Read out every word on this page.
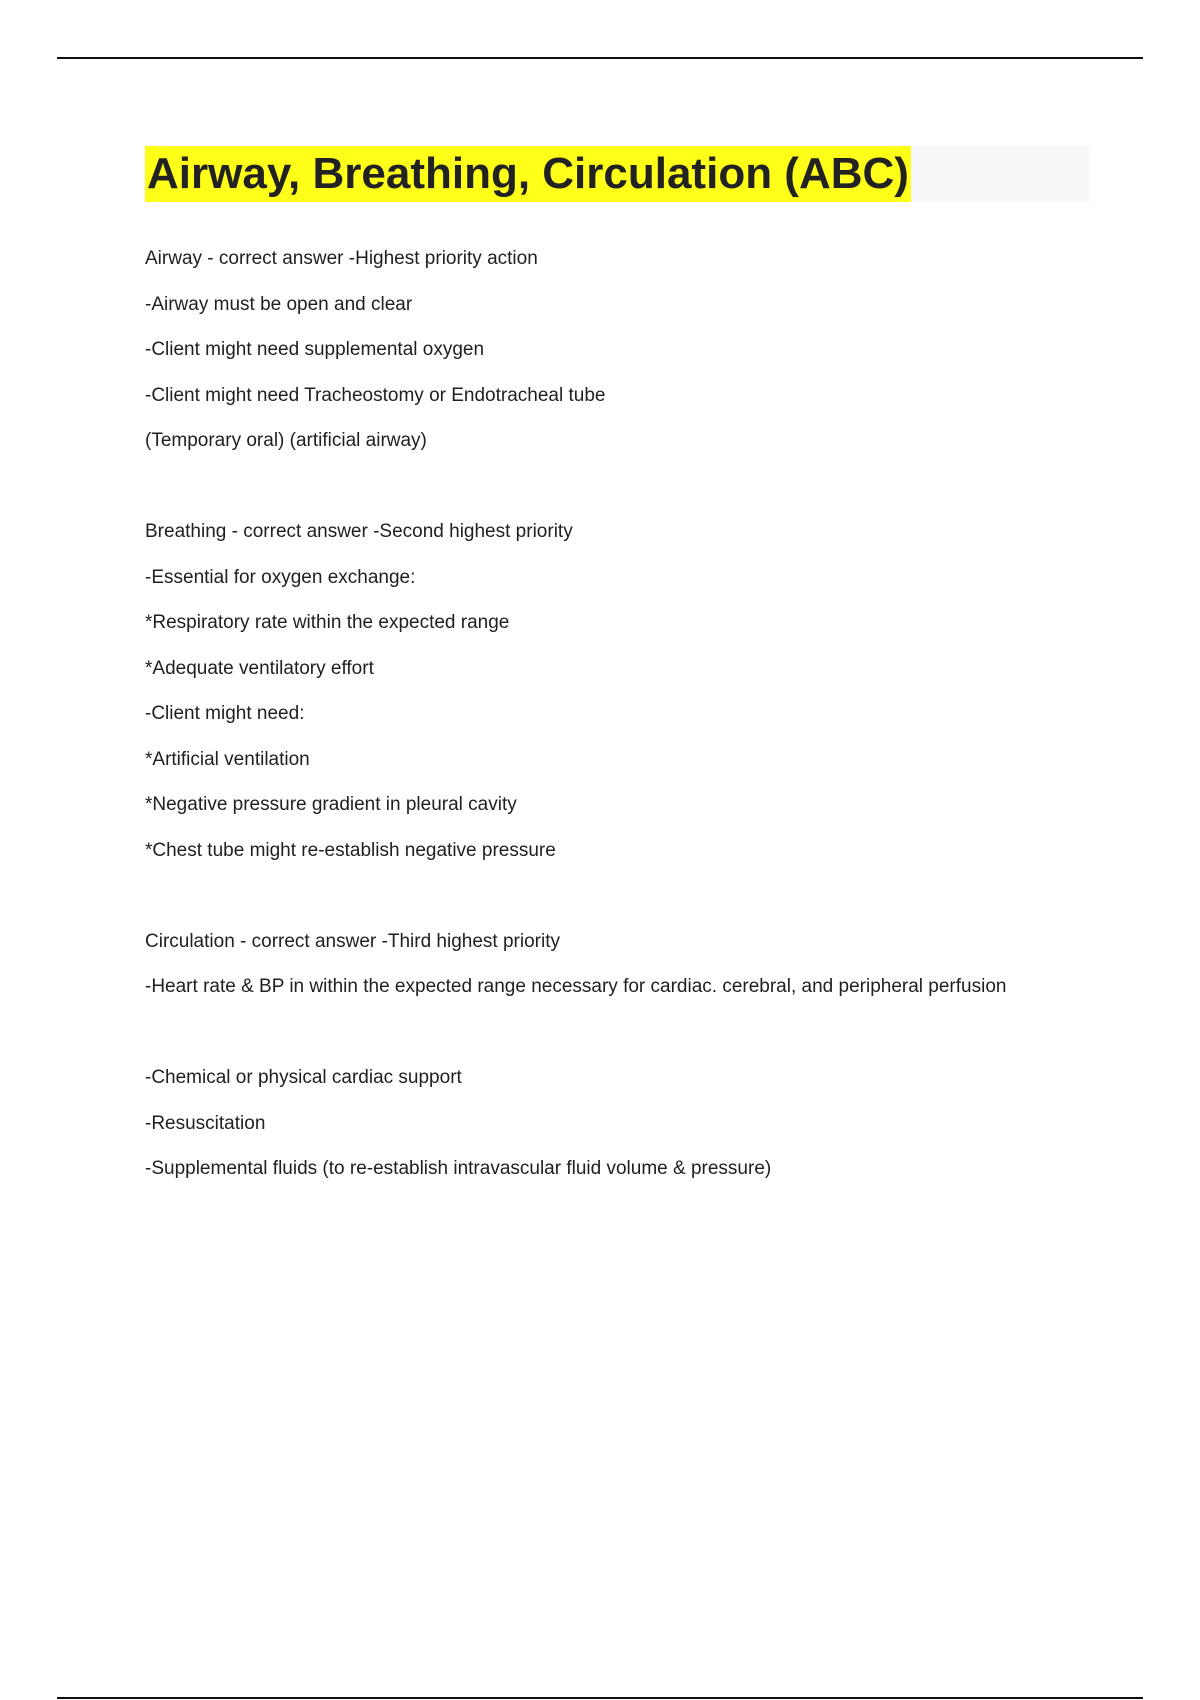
Airway, Breathing, Circulation (ABC)
Airway - correct answer -Highest priority action
-Airway must be open and clear
-Client might need supplemental oxygen
-Client might need Tracheostomy or Endotracheal tube
(Temporary oral) (artificial airway)
Breathing - correct answer -Second highest priority
-Essential for oxygen exchange:
*Respiratory rate within the expected range
*Adequate ventilatory effort
-Client might need:
*Artificial ventilation
*Negative pressure gradient in pleural cavity
*Chest tube might re-establish negative pressure
Circulation - correct answer -Third highest priority
-Heart rate & BP in within the expected range necessary for cardiac. cerebral, and peripheral perfusion
-Chemical or physical cardiac support
-Resuscitation
-Supplemental fluids (to re-establish intravascular fluid volume & pressure)
